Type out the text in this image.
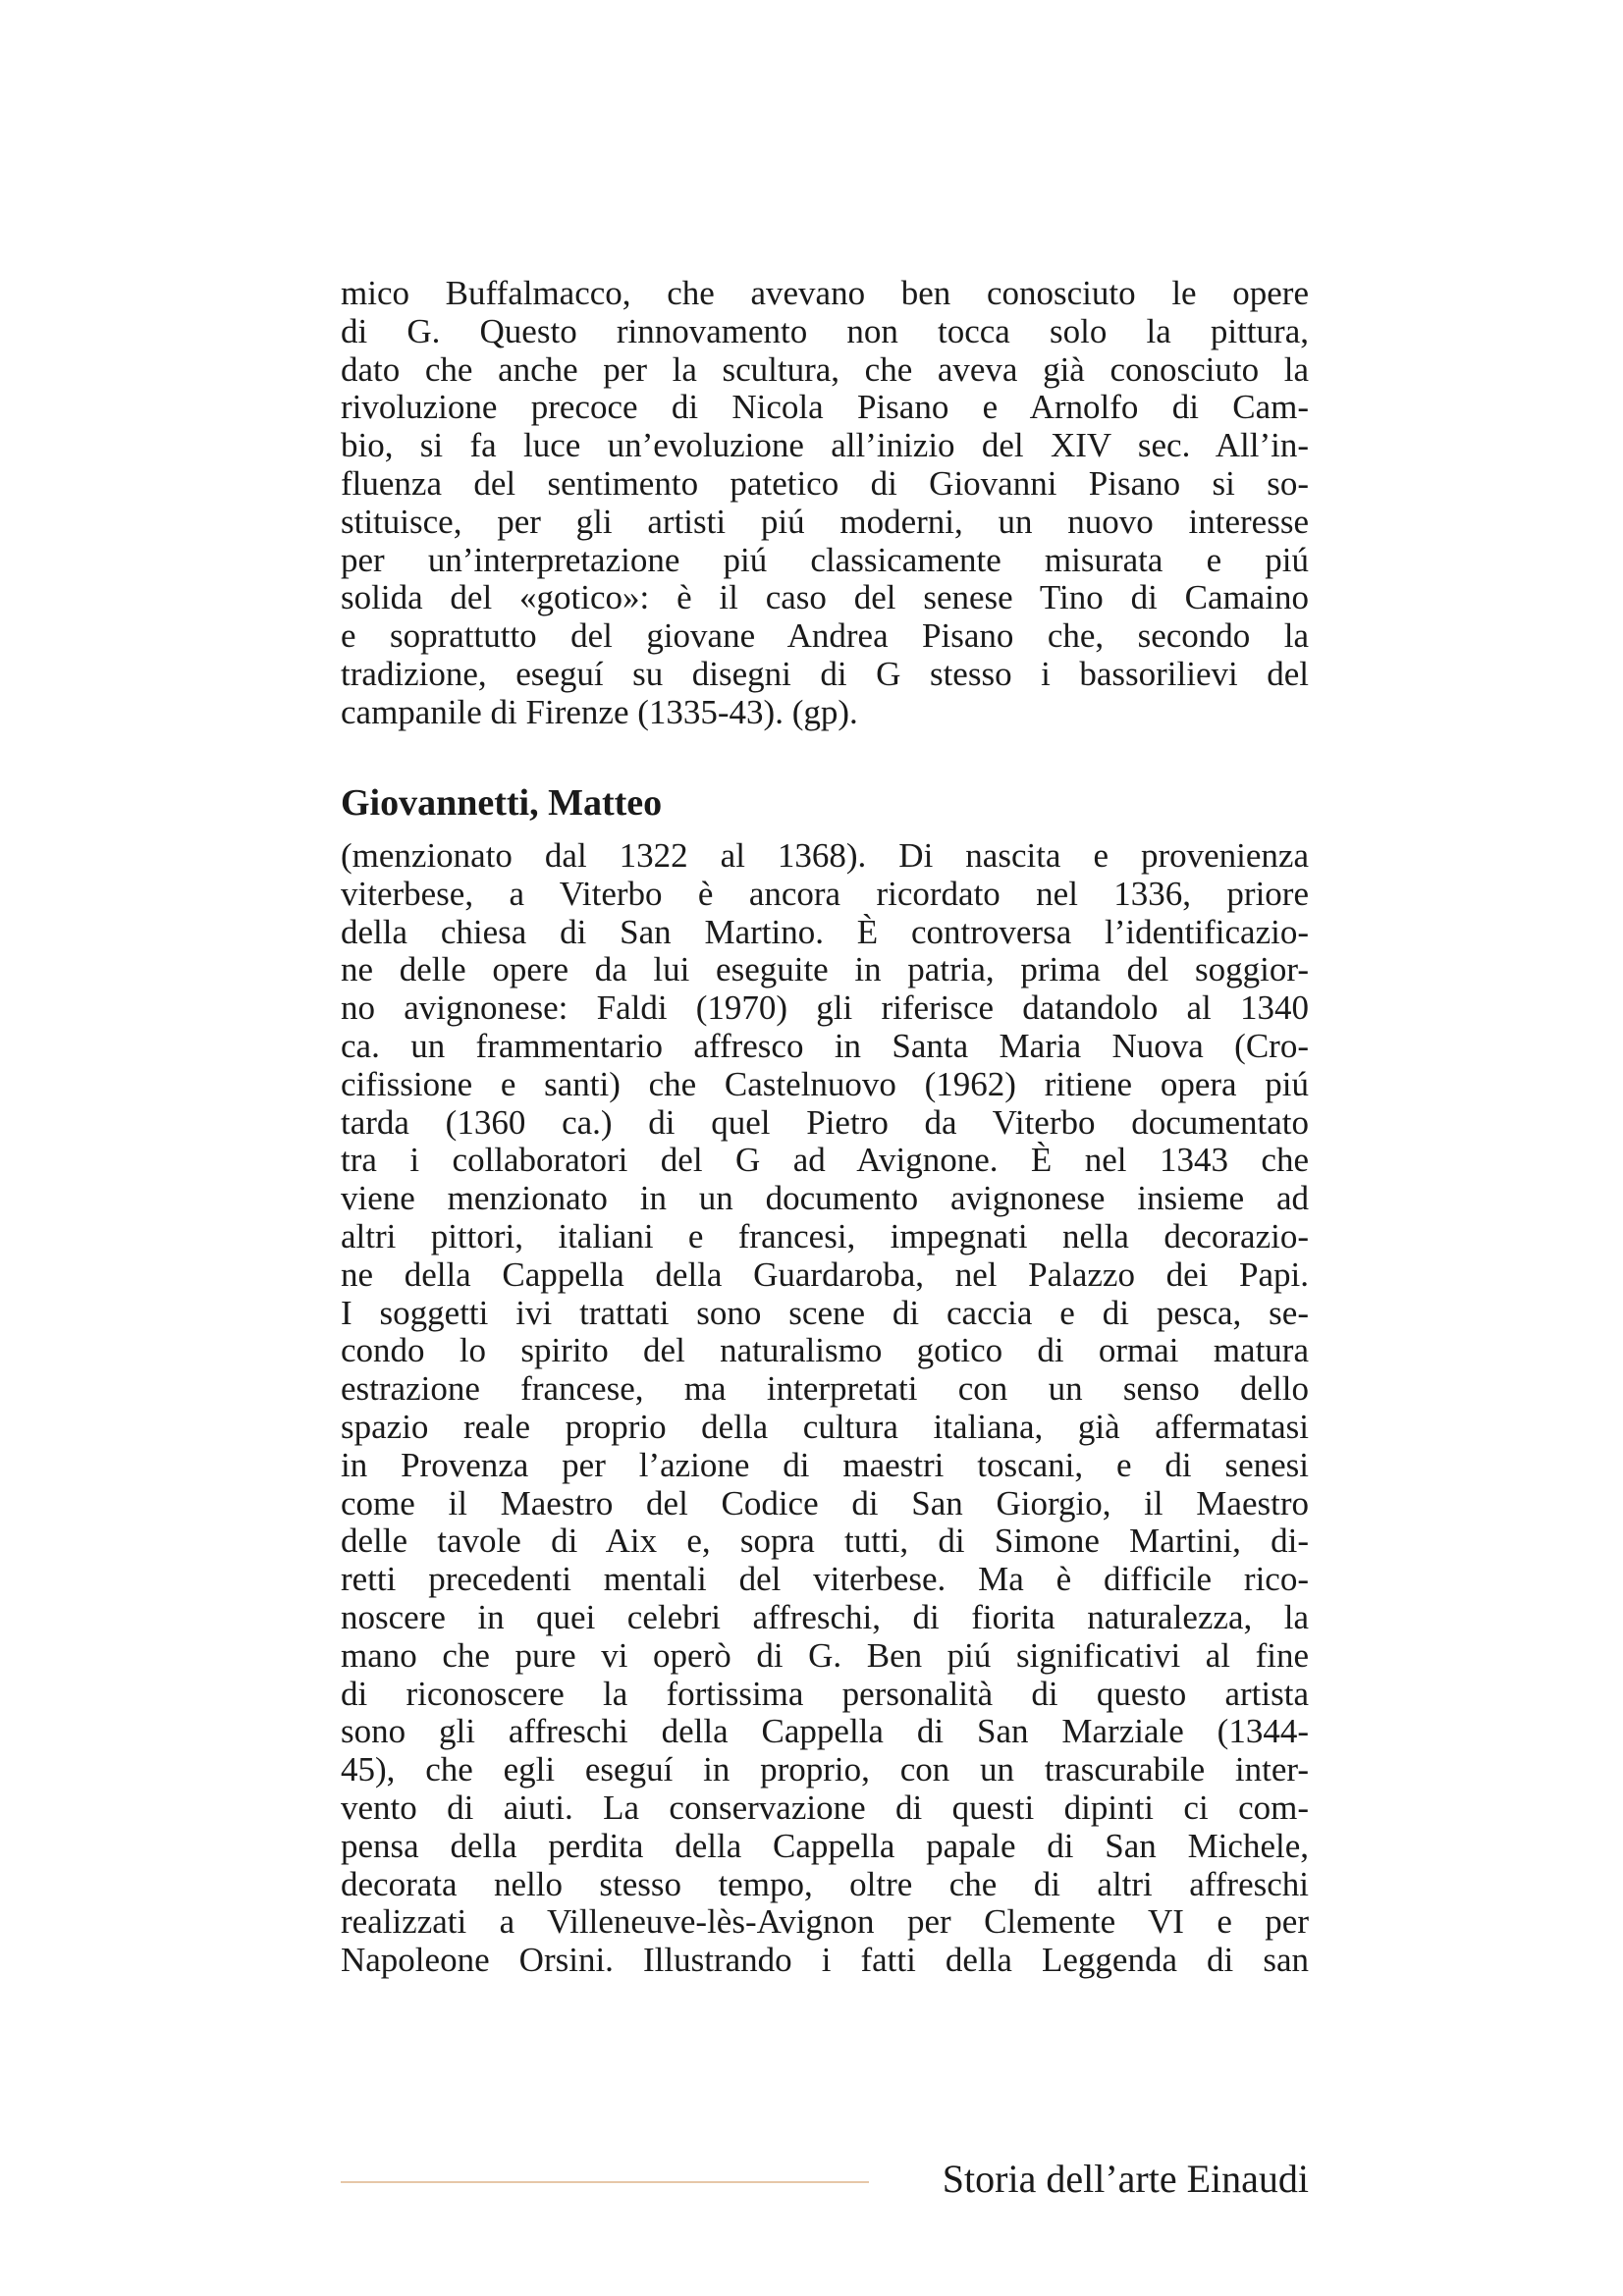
mico Buffalmacco, che avevano ben conosciuto le opere
di G. Questo rinnovamento non tocca solo la pittura,
dato che anche per la scultura, che aveva già conosciuto la
rivoluzione precoce di Nicola Pisano e Arnolfo di Cam-
bio, si fa luce un’evoluzione all’inizio del XIV sec. All’in-
fluenza del sentimento patetico di Giovanni Pisano si so-
stituisce, per gli artisti piú moderni, un nuovo interesse
per un’interpretazione piú classicamente misurata e piú
solida del «gotico»: è il caso del senese Tino di Camaino
e soprattutto del giovane Andrea Pisano che, secondo la
tradizione, eseguí su disegni di G stesso i bassorilievi del
campanile di Firenze (1335-43). (gp).
Giovannetti, Matteo
(menzionato dal 1322 al 1368). Di nascita e provenienza
viterbese, a Viterbo è ancora ricordato nel 1336, priore
della chiesa di San Martino. È controversa l’identificazio-
ne delle opere da lui eseguite in patria, prima del soggior-
no avignonese: Faldi (1970) gli riferisce datandolo al 1340
ca. un frammentario affresco in Santa Maria Nuova (Cro-
cifissione e santi) che Castelnuovo (1962) ritiene opera piú
tarda (1360 ca.) di quel Pietro da Viterbo documentato
tra i collaboratori del G ad Avignone. È nel 1343 che
viene menzionato in un documento avignonese insieme ad
altri pittori, italiani e francesi, impegnati nella decorazio-
ne della Cappella della Guardaroba, nel Palazzo dei Papi.
I soggetti ivi trattati sono scene di caccia e di pesca, se-
condo lo spirito del naturalismo gotico di ormai matura
estrazione francese, ma interpretati con un senso dello
spazio reale proprio della cultura italiana, già affermatasi
in Provenza per l’azione di maestri toscani, e di senesi
come il Maestro del Codice di San Giorgio, il Maestro
delle tavole di Aix e, sopra tutti, di Simone Martini, di-
retti precedenti mentali del viterbese. Ma è difficile rico-
noscere in quei celebri affreschi, di fiorita naturalezza, la
mano che pure vi operò di G. Ben piú significativi al fine
di riconoscere la fortissima personalità di questo artista
sono gli affreschi della Cappella di San Marziale (1344-
45), che egli eseguí in proprio, con un trascurabile inter-
vento di aiuti. La conservazione di questi dipinti ci com-
pensa della perdita della Cappella papale di San Michele,
decorata nello stesso tempo, oltre che di altri affreschi
realizzati a Villeneuve-lès-Avignon per Clemente VI e per
Napoleone Orsini. Illustrando i fatti della Leggenda di san
Storia dell’arte Einaudi
